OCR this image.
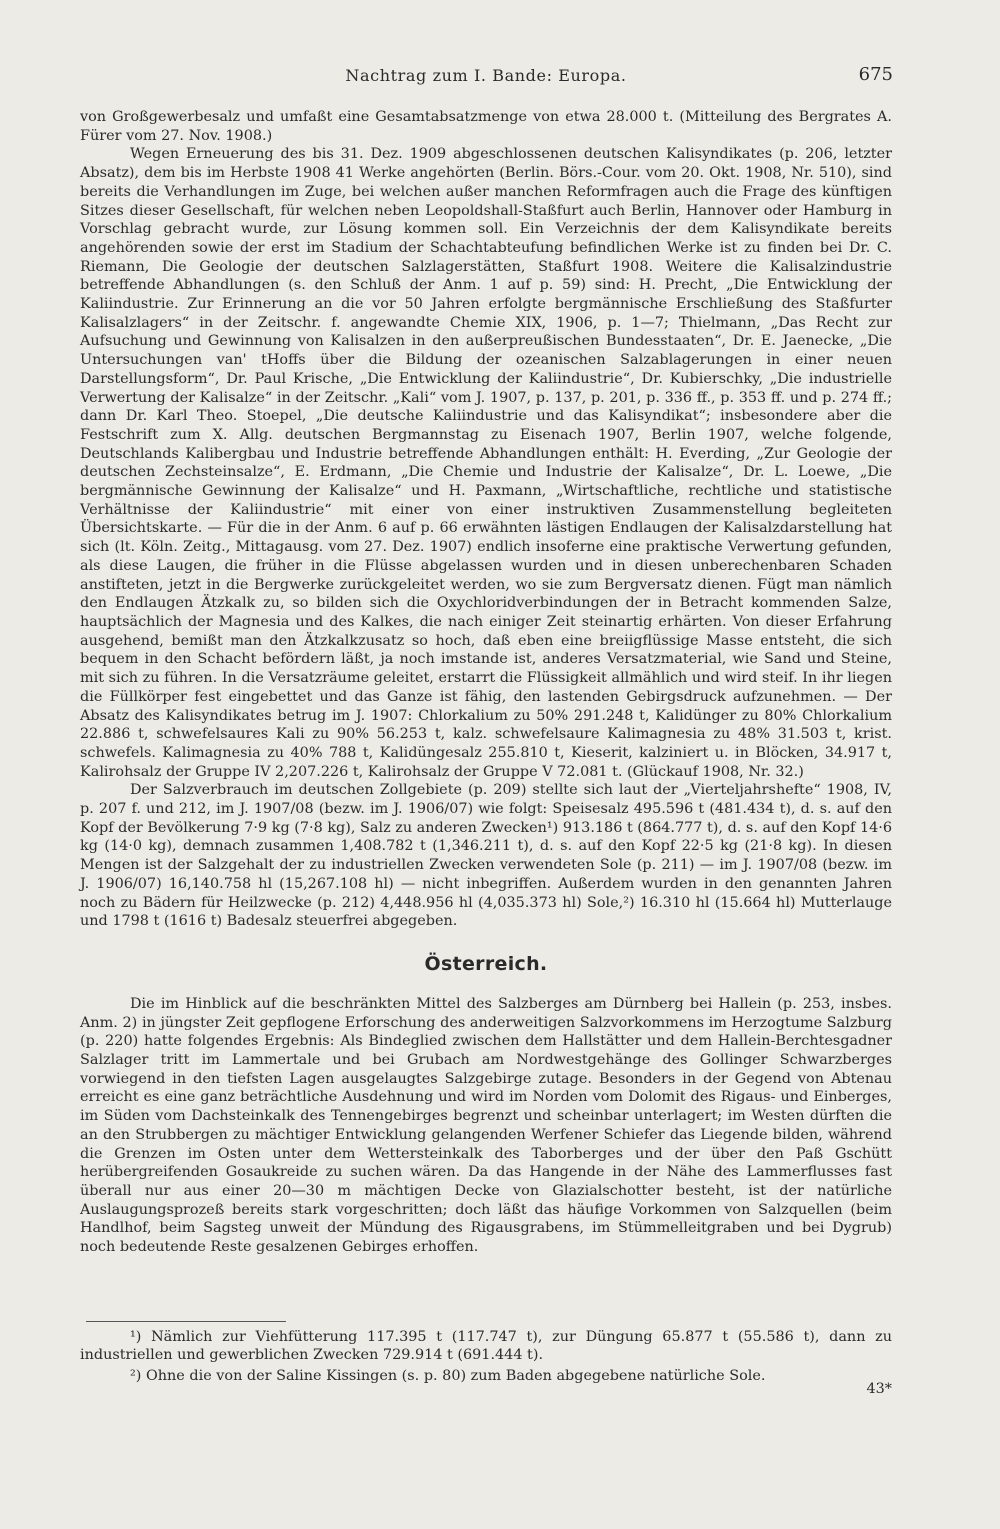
Nachtrag zum I. Bande: Europa.	675

von Großgewerbesalz und umfaßt eine Gesamtabsatzmenge von etwa 28.000 t. (Mitteilung des Bergrates A. Fürer vom 27. Nov. 1908.)

Wegen Erneuerung des bis 31. Dez. 1909 abgeschlossenen deutschen Kalisyndikates (p. 206, letzter Absatz), dem bis im Herbste 1908 41 Werke angehörten (Berlin. Börs.-Cour. vom 20. Okt. 1908, Nr. 510), sind bereits die Verhandlungen im Zuge, bei welchen außer manchen Reformfragen auch die Frage des künftigen Sitzes dieser Gesellschaft, für welchen neben Leopoldshall-Staßfurt auch Berlin, Hannover oder Hamburg in Vorschlag gebracht wurde, zur Lösung kommen soll. Ein Verzeichnis der dem Kalisyndikate bereits angehörenden sowie der erst im Stadium der Schachtabteufung befindlichen Werke ist zu finden bei Dr. C. Riemann, Die Geologie der deutschen Salzlagerstätten, Staßfurt 1908. Weitere die Kalisalzindustrie betreffende Abhandlungen (s. den Schluß der Anm. 1 auf p. 59) sind: H. Precht, „Die Entwicklung der Kaliindustrie. Zur Erinnerung an die vor 50 Jahren erfolgte bergmännische Erschließung des Staßfurter Kalisalzlagers“ in der Zeitschr. f. angewandte Chemie XIX, 1906, p. 1—7; Thielmann, „Das Recht zur Aufsuchung und Gewinnung von Kalisalzen in den außerpreußischen Bundesstaaten“, Dr. E. Jaenecke, „Die Untersuchungen van' tHoffs über die Bildung der ozeanischen Salzablagerungen in einer neuen Darstellungsform“, Dr. Paul Krische, „Die Entwicklung der Kaliindustrie“, Dr. Kubierschky, „Die industrielle Verwertung der Kalisalze“ in der Zeitschr. „Kali“ vom J. 1907, p. 137, p. 201, p. 336 ff., p. 353 ff. und p. 274 ff.; dann Dr. Karl Theo. Stoepel, „Die deutsche Kaliindustrie und das Kalisyndikat“; insbesondere aber die Festschrift zum X. Allg. deutschen Bergmannstag zu Eisenach 1907, Berlin 1907, welche folgende, Deutschlands Kalibergbau und Industrie betreffende Abhandlungen enthält: H. Everding, „Zur Geologie der deutschen Zechsteinsalze“, E. Erdmann, „Die Chemie und Industrie der Kalisalze“, Dr. L. Loewe, „Die bergmännische Gewinnung der Kalisalze“ und H. Paxmann, „Wirtschaftliche, rechtliche und statistische Verhältnisse der Kaliindustrie“ mit einer von einer instruktiven Zusammenstellung begleiteten Übersichtskarte. — Für die in der Anm. 6 auf p. 66 erwähnten lästigen Endlaugen der Kalisalzdarstellung hat sich (lt. Köln. Zeitg., Mittagausg. vom 27. Dez. 1907) endlich insoferne eine praktische Verwertung gefunden, als diese Laugen, die früher in die Flüsse abgelassen wurden und in diesen unberechenbaren Schaden anstifteten, jetzt in die Bergwerke zurückgeleitet werden, wo sie zum Bergversatz dienen. Fügt man nämlich den Endlaugen Ätzkalk zu, so bilden sich die Oxychloridverbindungen der in Betracht kommenden Salze, hauptsächlich der Magnesia und des Kalkes, die nach einiger Zeit steinartig erhärten. Von dieser Erfahrung ausgehend, bemißt man den Ätzkalkzusatz so hoch, daß eben eine breiigflüssige Masse entsteht, die sich bequem in den Schacht befördern läßt, ja noch imstande ist, anderes Versatzmaterial, wie Sand und Steine, mit sich zu führen. In die Versatzräume geleitet, erstarrt die Flüssigkeit allmählich und wird steif. In ihr liegen die Füllkörper fest eingebettet und das Ganze ist fähig, den lastenden Gebirgsdruck aufzunehmen. — Der Absatz des Kalisyndikates betrug im J. 1907: Chlorkalium zu 50% 291.248 t, Kalidünger zu 80% Chlorkalium 22.886 t, schwefelsaures Kali zu 90% 56.253 t, kalz. schwefelsaure Kalimagnesia zu 48% 31.503 t, krist. schwefels. Kalimagnesia zu 40% 788 t, Kalidüngesalz 255.810 t, Kieserit, kalziniert u. in Blöcken, 34.917 t, Kalirohsalz der Gruppe IV 2,207.226 t, Kalirohsalz der Gruppe V 72.081 t. (Glückauf 1908, Nr. 32.)

Der Salzverbrauch im deutschen Zollgebiete (p. 209) stellte sich laut der „Vierteljahrshefte“ 1908, IV, p. 207 f. und 212, im J. 1907/08 (bezw. im J. 1906/07) wie folgt: Speisesalz 495.596 t (481.434 t), d. s. auf den Kopf der Bevölkerung 7·9 kg (7·8 kg), Salz zu anderen Zwecken¹) 913.186 t (864.777 t), d. s. auf den Kopf 14·6 kg (14·0 kg), demnach zusammen 1,408.782 t (1,346.211 t), d. s. auf den Kopf 22·5 kg (21·8 kg). In diesen Mengen ist der Salzgehalt der zu industriellen Zwecken verwendeten Sole (p. 211) — im J. 1907/08 (bezw. im J. 1906/07) 16,140.758 hl (15,267.108 hl) — nicht inbegriffen. Außerdem wurden in den genannten Jahren noch zu Bädern für Heilzwecke (p. 212) 4,448.956 hl (4,035.373 hl) Sole,²) 16.310 hl (15.664 hl) Mutterlauge und 1798 t (1616 t) Badesalz steuerfrei abgegeben.

Österreich.

Die im Hinblick auf die beschränkten Mittel des Salzberges am Dürnberg bei Hallein (p. 253, insbes. Anm. 2) in jüngster Zeit gepflogene Erforschung des anderweitigen Salzvorkommens im Herzogtume Salzburg (p. 220) hatte folgendes Ergebnis: Als Bindeglied zwischen dem Hallstätter und dem Hallein-Berchtesgadner Salzlager tritt im Lammertale und bei Grubach am Nordwestgehänge des Gollinger Schwarzberges vorwiegend in den tiefsten Lagen ausgelaugtes Salzgebirge zutage. Besonders in der Gegend von Abtenau erreicht es eine ganz beträchtliche Ausdehnung und wird im Norden vom Dolomit des Rigaus- und Einberges, im Süden vom Dachsteinkalk des Tennengebirges begrenzt und scheinbar unterlagert; im Westen dürften die an den Strubbergen zu mächtiger Entwicklung gelangenden Werfener Schiefer das Liegende bilden, während die Grenzen im Osten unter dem Wettersteinkalk des Taborberges und der über den Paß Gschütt herübergreifenden Gosaukreide zu suchen wären. Da das Hangende in der Nähe des Lammerflusses fast überall nur aus einer 20—30 m mächtigen Decke von Glazialschotter besteht, ist der natürliche Auslaugungsprozeß bereits stark vorgeschritten; doch läßt das häufige Vorkommen von Salzquellen (beim Handlhof, beim Sagsteg unweit der Mündung des Rigausgrabens, im Stümmelleitgraben und bei Dygrub) noch bedeutende Reste gesalzenen Gebirges erhoffen.

¹) Nämlich zur Viehfütterung 117.395 t (117.747 t), zur Düngung 65.877 t (55.586 t), dann zu industriellen und gewerblichen Zwecken 729.914 t (691.444 t).

²) Ohne die von der Saline Kissingen (s. p. 80) zum Baden abgegebene natürliche Sole.

43*
